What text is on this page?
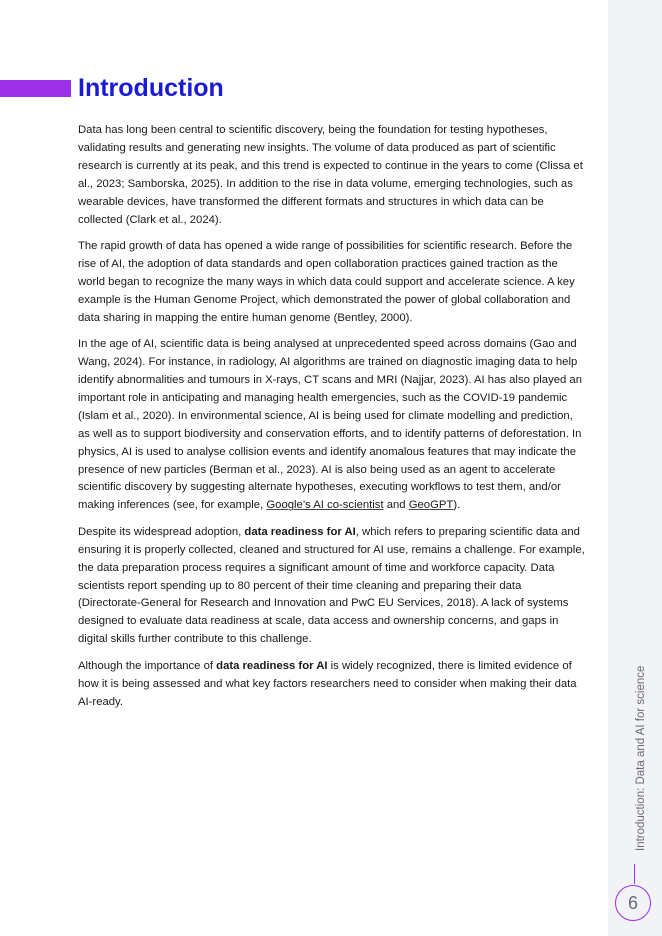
Introduction

Data has long been central to scientific discovery, being the foundation for testing hypotheses, validating results and generating new insights. The volume of data produced as part of scientific research is currently at its peak, and this trend is expected to continue in the years to come (Clissa et al., 2023; Samborska, 2025). In addition to the rise in data volume, emerging technologies, such as wearable devices, have transformed the different formats and structures in which data can be collected (Clark et al., 2024).

The rapid growth of data has opened a wide range of possibilities for scientific research. Before the rise of AI, the adoption of data standards and open collaboration practices gained traction as the world began to recognize the many ways in which data could support and accelerate science. A key example is the Human Genome Project, which demonstrated the power of global collaboration and data sharing in mapping the entire human genome (Bentley, 2000).

In the age of AI, scientific data is being analysed at unprecedented speed across domains (Gao and Wang, 2024). For instance, in radiology, AI algorithms are trained on diagnostic imaging data to help identify abnormalities and tumours in X-rays, CT scans and MRI (Najjar, 2023). AI has also played an important role in anticipating and managing health emergencies, such as the COVID-19 pandemic (Islam et al., 2020). In environmental science, AI is being used for climate modelling and prediction, as well as to support biodiversity and conservation efforts, and to identify patterns of deforestation. In physics, AI is used to analyse collision events and identify anomalous features that may indicate the presence of new particles (Berman et al., 2023). AI is also being used as an agent to accelerate scientific discovery by suggesting alternate hypotheses, executing workflows to test them, and/or making inferences (see, for example, Google’s AI co-scientist and GeoGPT).

Despite its widespread adoption, data readiness for AI, which refers to preparing scientific data and ensuring it is properly collected, cleaned and structured for AI use, remains a challenge. For example, the data preparation process requires a significant amount of time and workforce capacity. Data scientists report spending up to 80 percent of their time cleaning and preparing their data (Directorate-General for Research and Innovation and PwC EU Services, 2018). A lack of systems designed to evaluate data readiness at scale, data access and ownership concerns, and gaps in digital skills further contribute to this challenge.

Although the importance of data readiness for AI is widely recognized, there is limited evidence of how it is being assessed and what key factors researchers need to consider when making their data AI-ready.	Introduction: Data and AI for science
6
